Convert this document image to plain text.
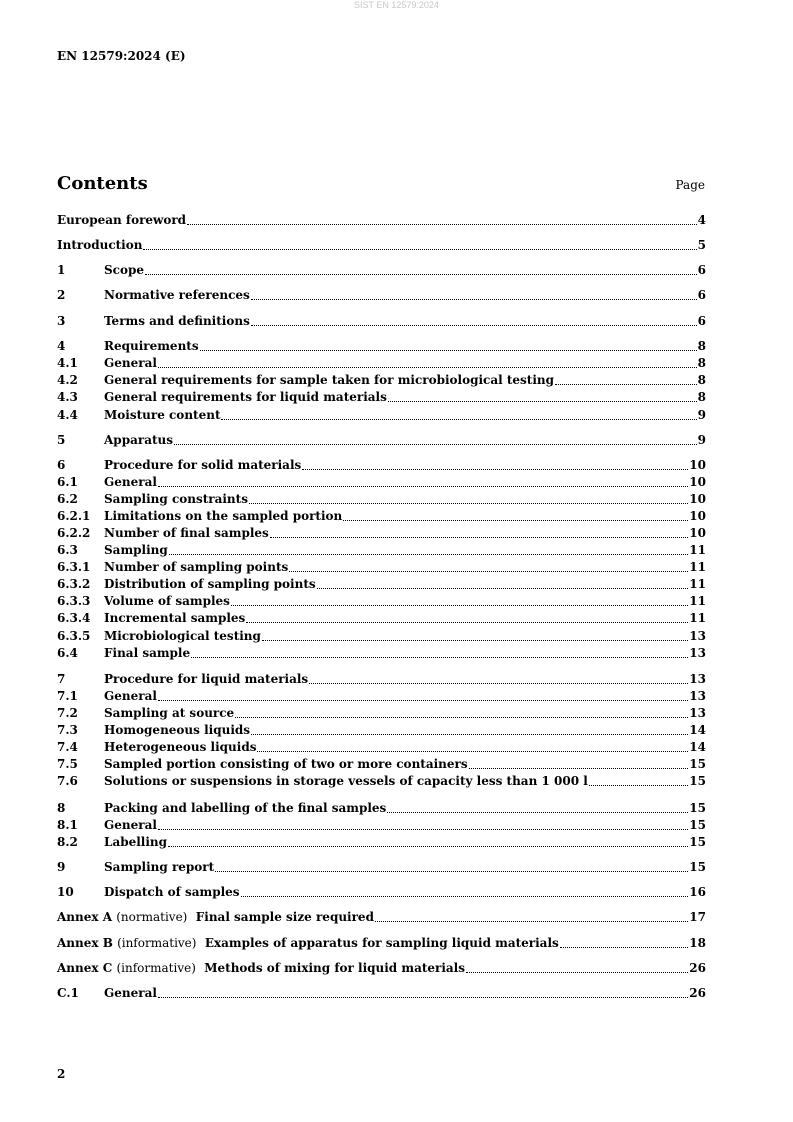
SIST EN 12579:2024
EN 12579:2024 (E)
Contents	Page
European foreword	4
Introduction	5
1	Scope	6
2	Normative references	6
3	Terms and definitions	6
4	Requirements	8
4.1	General	8
4.2	General requirements for sample taken for microbiological testing	8
4.3	General requirements for liquid materials	8
4.4	Moisture content	9
5	Apparatus	9
6	Procedure for solid materials	10
6.1	General	10
6.2	Sampling constraints	10
6.2.1	Limitations on the sampled portion	10
6.2.2	Number of final samples	10
6.3	Sampling	11
6.3.1	Number of sampling points	11
6.3.2	Distribution of sampling points	11
6.3.3	Volume of samples	11
6.3.4	Incremental samples	11
6.3.5	Microbiological testing	13
6.4	Final sample	13
7	Procedure for liquid materials	13
7.1	General	13
7.2	Sampling at source	13
7.3	Homogeneous liquids	14
7.4	Heterogeneous liquids	14
7.5	Sampled portion consisting of two or more containers	15
7.6	Solutions or suspensions in storage vessels of capacity less than 1 000 l	15
8	Packing and labelling of the final samples	15
8.1	General	15
8.2	Labelling	15
9	Sampling report	15
10	Dispatch of samples	16
Annex A (normative) Final sample size required	17
Annex B (informative) Examples of apparatus for sampling liquid materials	18
Annex C (informative) Methods of mixing for liquid materials	26
C.1	General	26
2
